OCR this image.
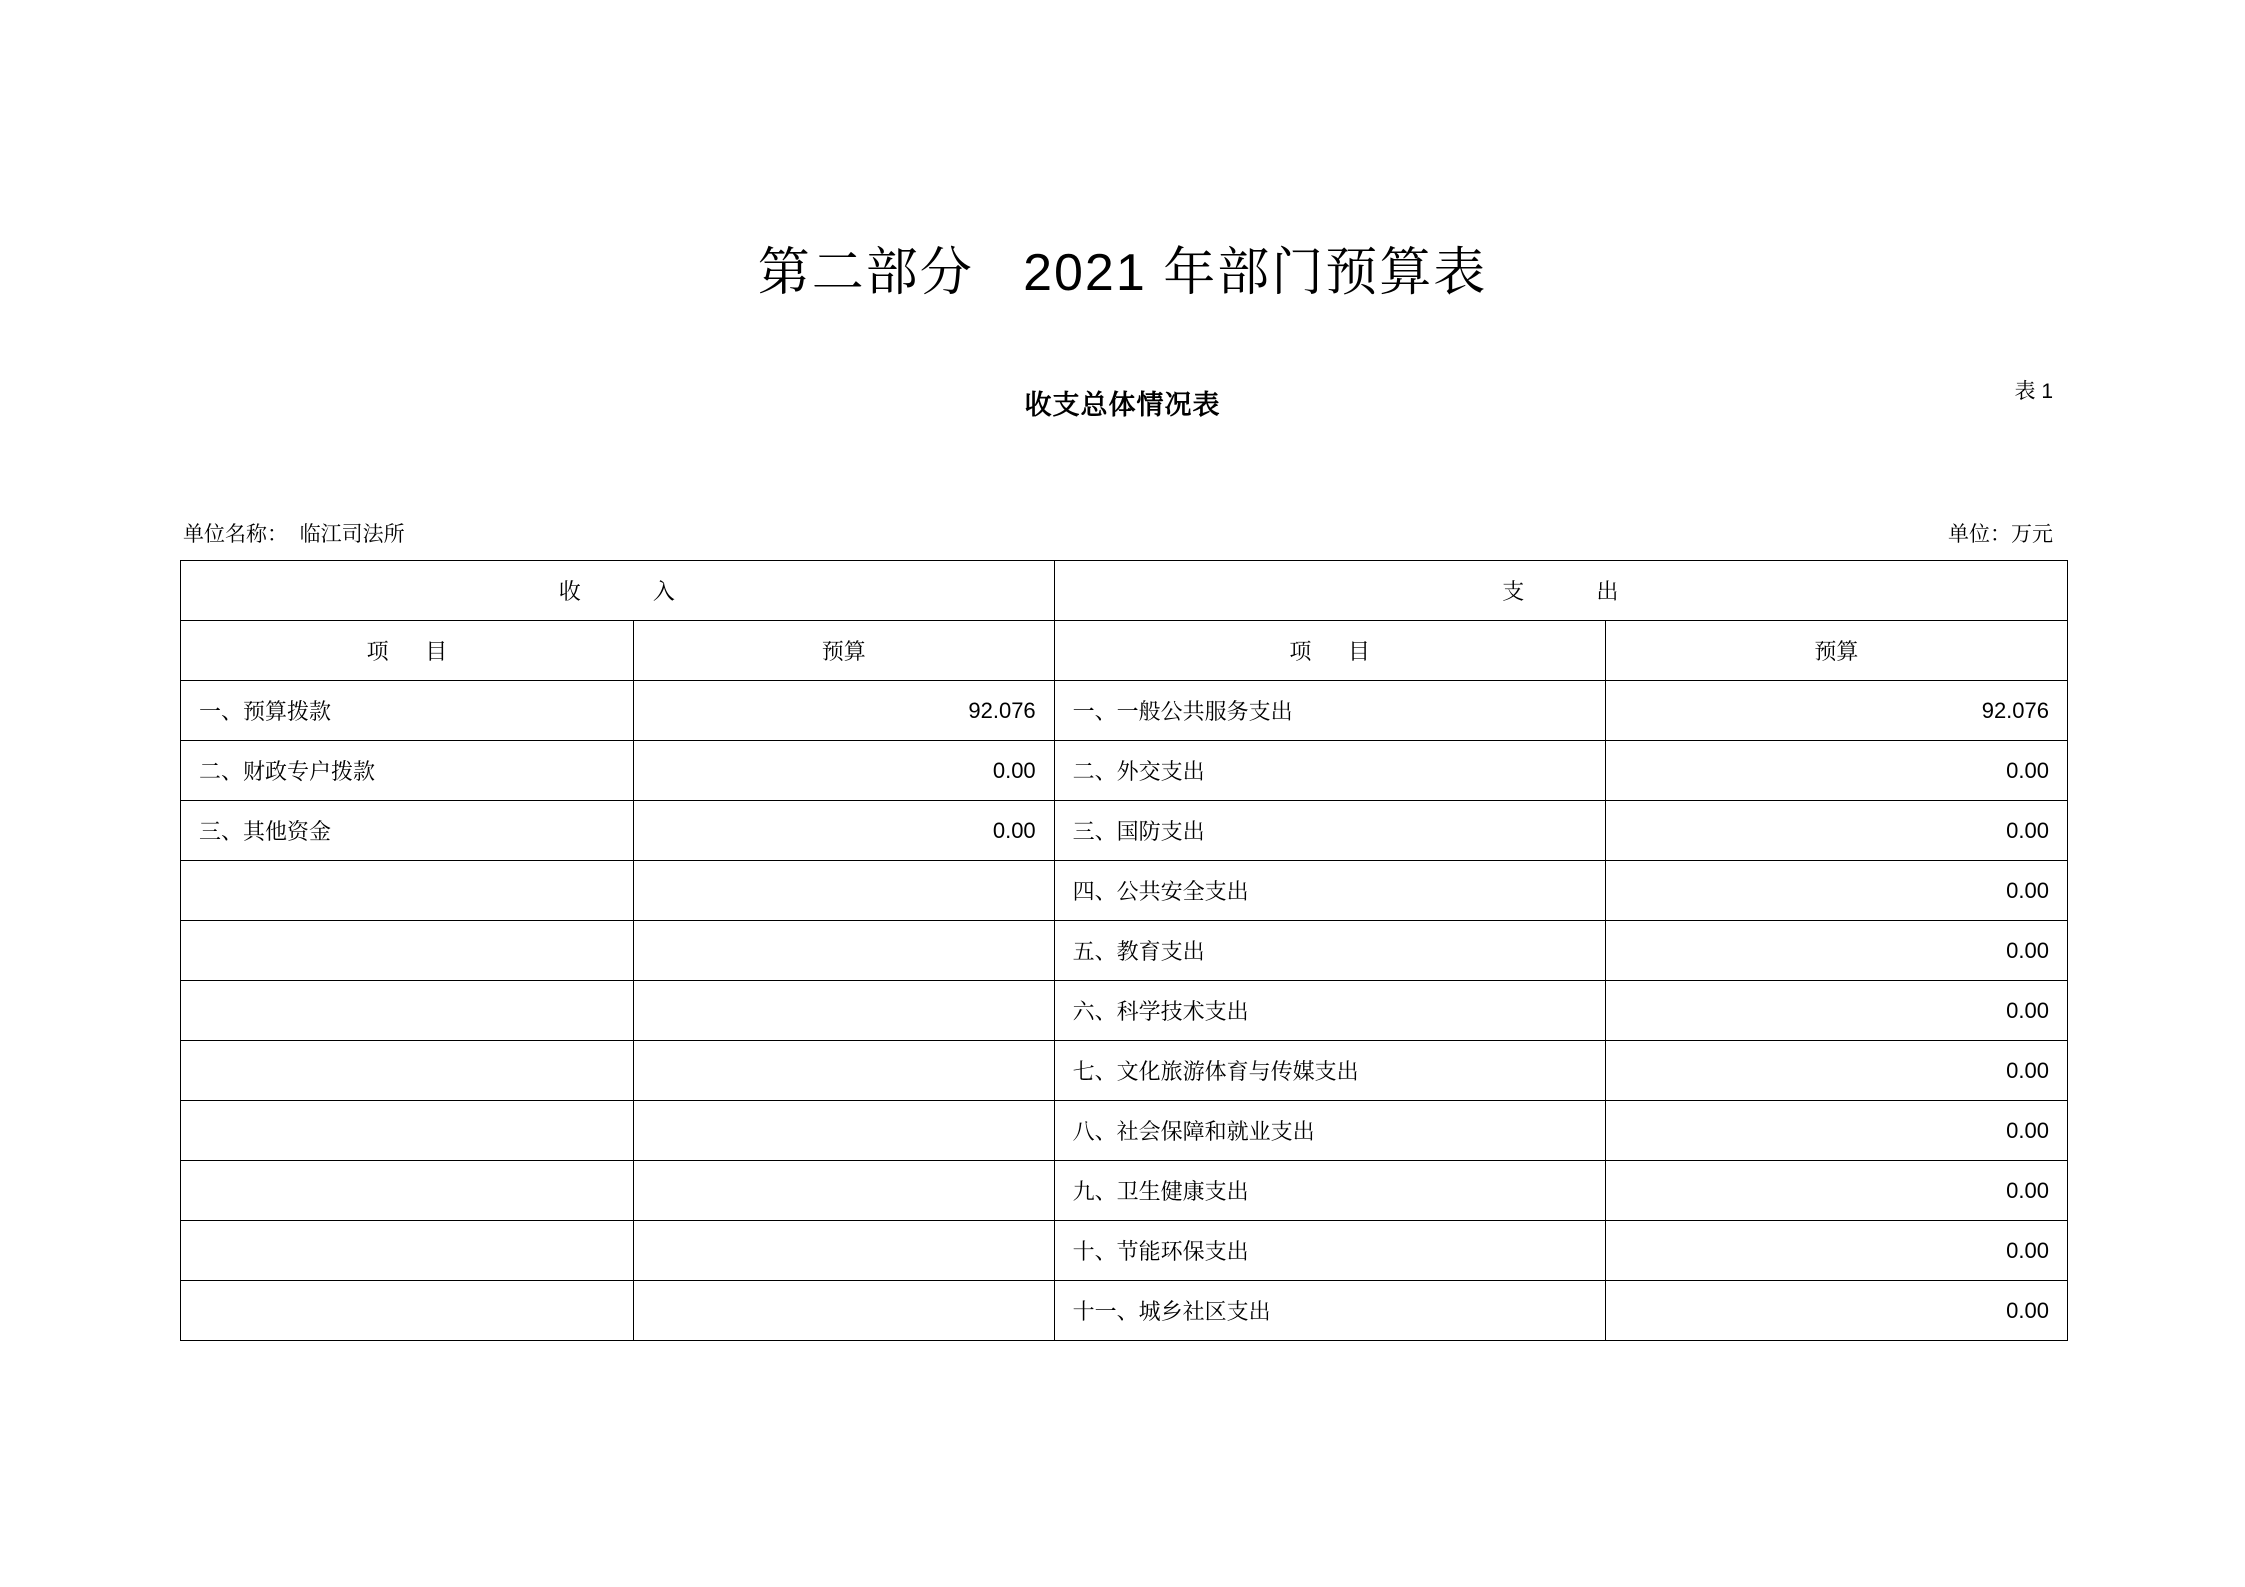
第二部分   2021 年部门预算表
表 1
收支总体情况表
单位名称：  临江司法所	单位：万元
收          入		支          出	
项      目	预算	项      目	预算
一、预算拨款	92.076	一、一般公共服务支出	92.076
二、财政专户拨款	0.00	二、外交支出	0.00
三、其他资金	0.00	三、国防支出	0.00
		四、公共安全支出	0.00
		五、教育支出	0.00
		六、科学技术支出	0.00
		七、文化旅游体育与传媒支出	0.00
		八、社会保障和就业支出	0.00
		九、卫生健康支出	0.00
		十、节能环保支出	0.00
		十一、城乡社区支出	0.00
